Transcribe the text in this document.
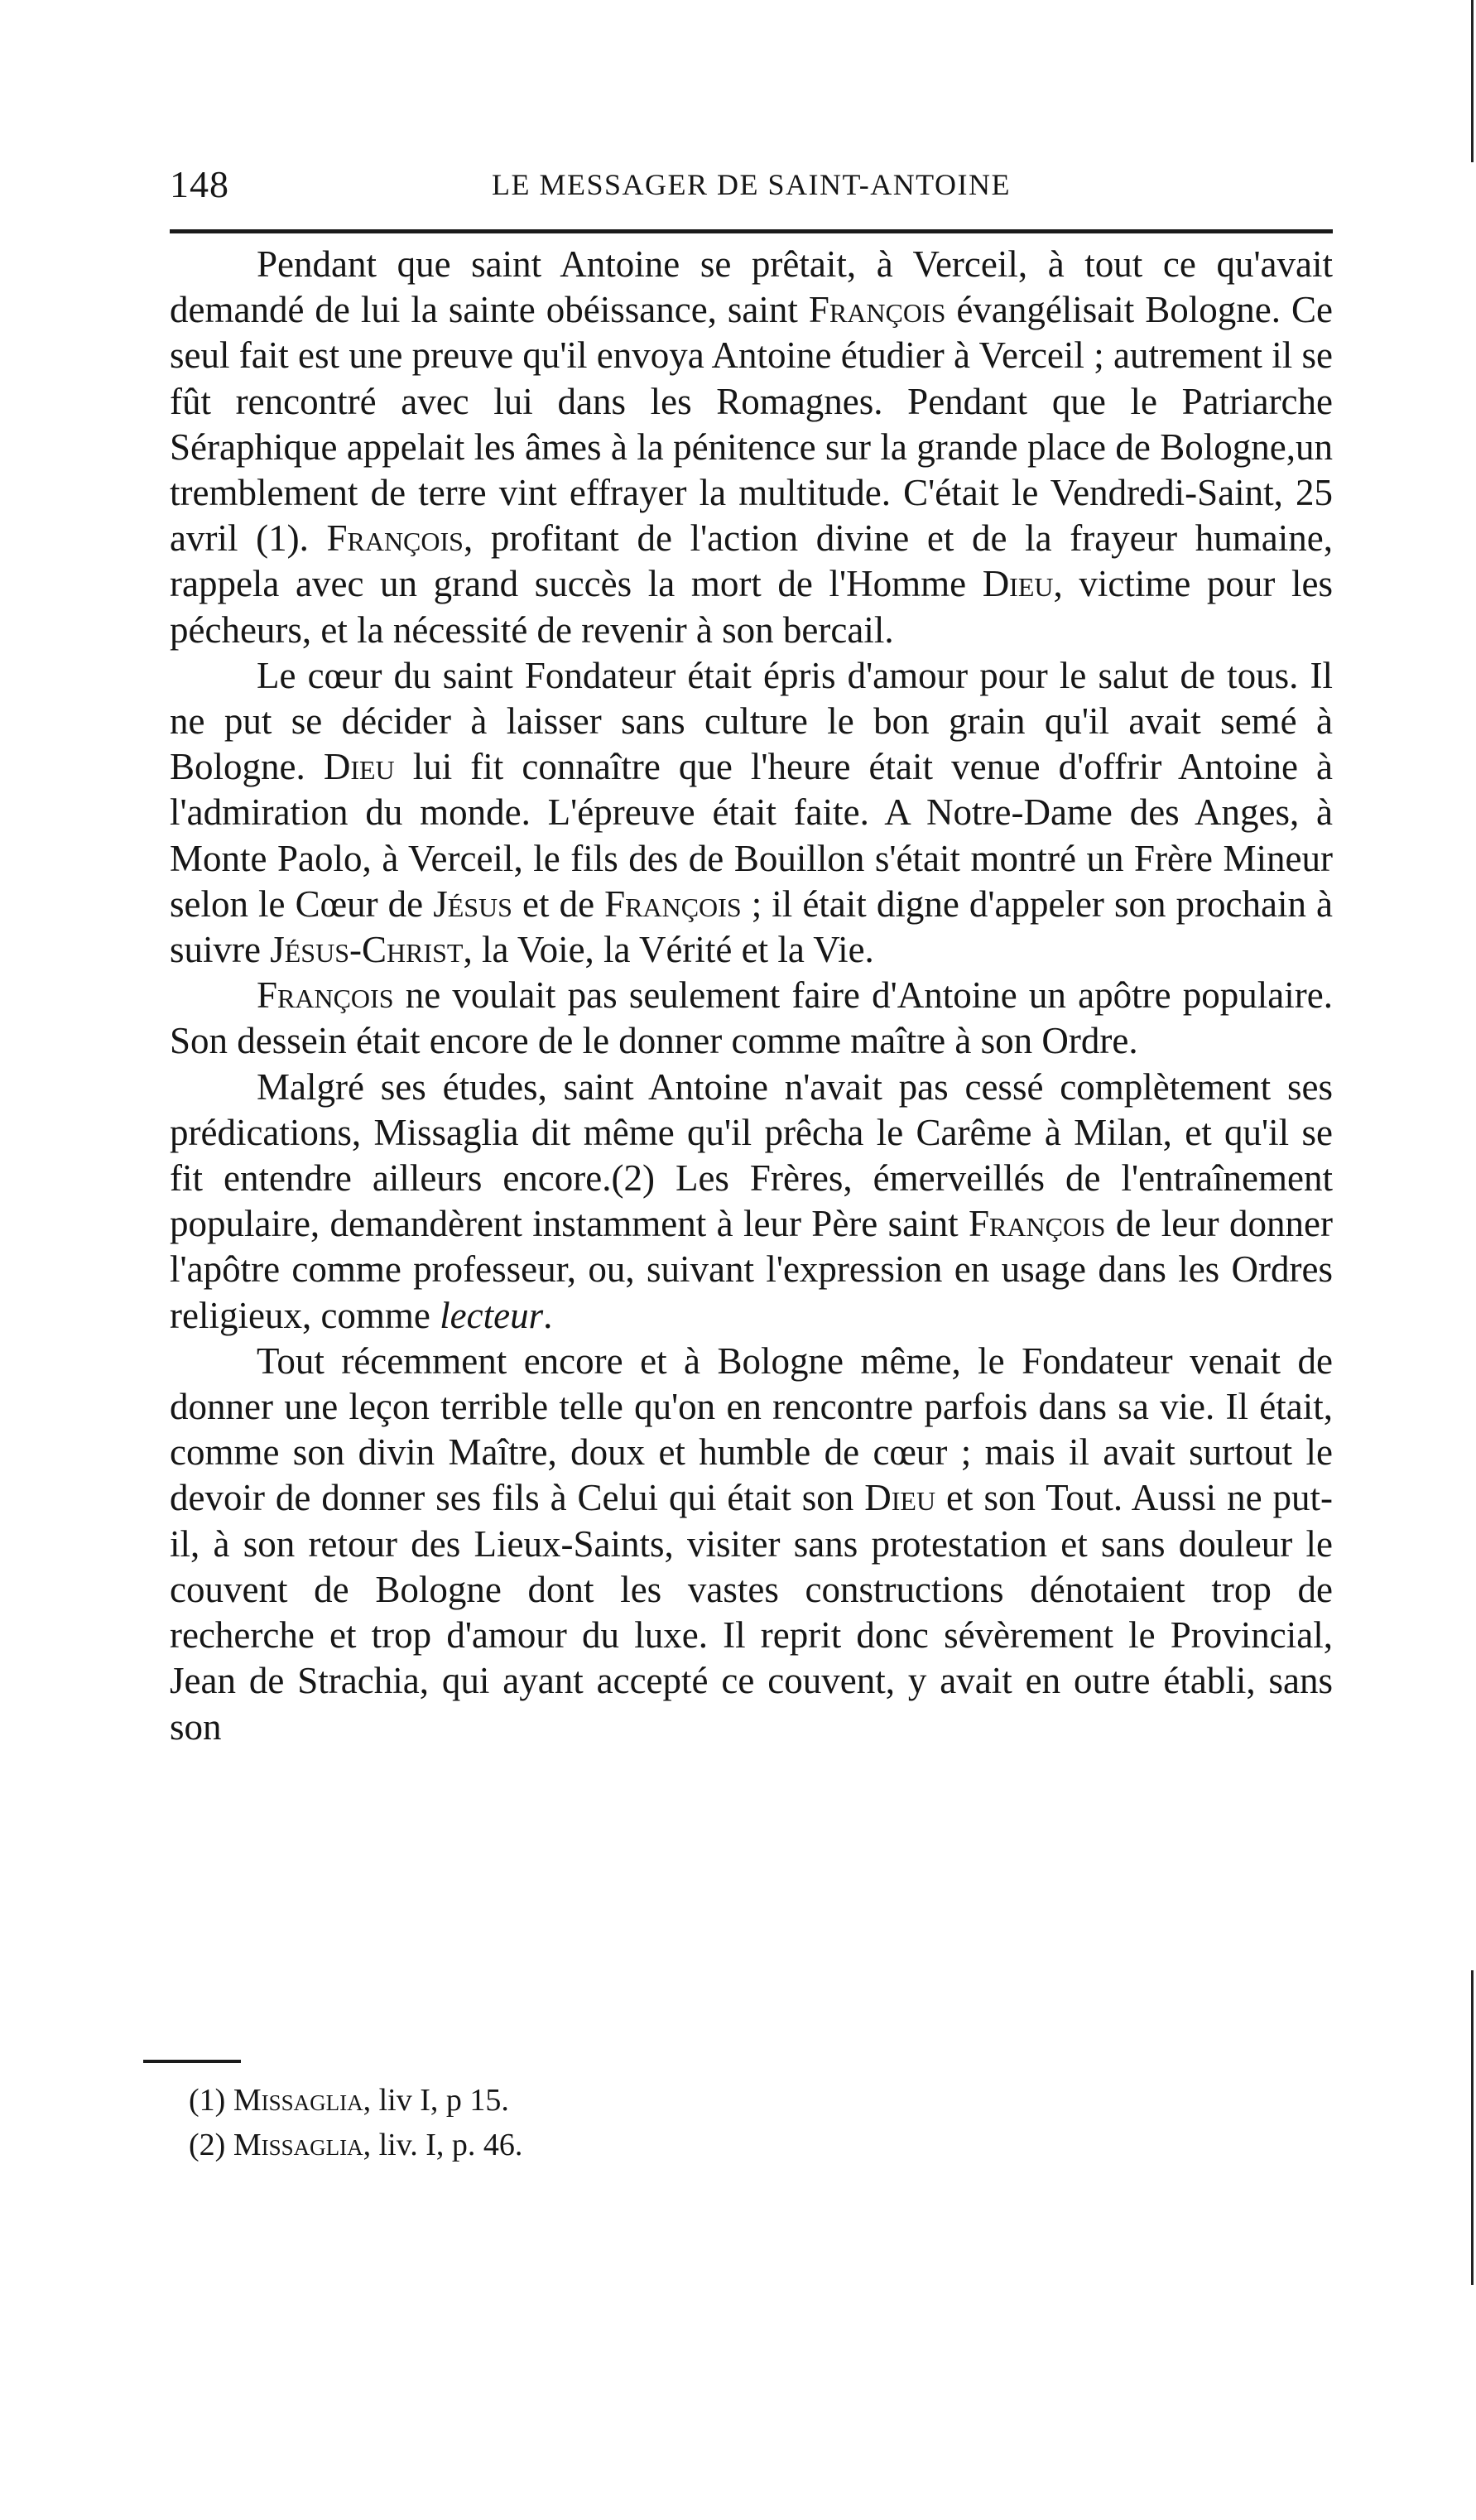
148	LE MESSAGER DE SAINT-ANTOINE

Pendant que saint Antoine se prêtait, à Verceil, à tout ce qu'avait demandé de lui la sainte obéissance, saint François évangélisait Bologne. Ce seul fait est une preuve qu'il envoya Antoine étudier à Verceil ; autrement il se fût rencontré avec lui dans les Romagnes. Pendant que le Patriarche Séraphique appelait les âmes à la pénitence sur la grande place de Bologne,un tremblement de terre vint effrayer la multitude. C'était le Vendredi-Saint, 25 avril (1). François, profitant de l'action divine et de la frayeur humaine, rappela avec un grand succès la mort de l'Homme Dieu, victime pour les pécheurs, et la nécessité de revenir à son bercail.

Le cœur du saint Fondateur était épris d'amour pour le salut de tous. Il ne put se décider à laisser sans culture le bon grain qu'il avait semé à Bologne. Dieu lui fit connaître que l'heure était venue d'offrir Antoine à l'admiration du monde. L'épreuve était faite. A Notre-Dame des Anges, à Monte Paolo, à Verceil, le fils des de Bouillon s'était montré un Frère Mineur selon le Cœur de Jésus et de François ; il était digne d'appeler son prochain à suivre Jésus-Christ, la Voie, la Vérité et la Vie.

François ne voulait pas seulement faire d'Antoine un apôtre populaire. Son dessein était encore de le donner comme maître à son Ordre.

Malgré ses études, saint Antoine n'avait pas cessé complètement ses prédications, Missaglia dit même qu'il prêcha le Carême à Milan, et qu'il se fit entendre ailleurs encore.(2) Les Frères, émerveillés de l'entraînement populaire, demandèrent instamment à leur Père saint François de leur donner l'apôtre comme professeur, ou, suivant l'expression en usage dans les Ordres religieux, comme lecteur.

Tout récemment encore et à Bologne même, le Fondateur venait de donner une leçon terrible telle qu'on en rencontre parfois dans sa vie. Il était, comme son divin Maître, doux et humble de cœur ; mais il avait surtout le devoir de donner ses fils à Celui qui était son Dieu et son Tout. Aussi ne put-il, à son retour des Lieux-Saints, visiter sans protestation et sans douleur le couvent de Bologne dont les vastes constructions dénotaient trop de recherche et trop d'amour du luxe. Il reprit donc sévèrement le Provincial, Jean de Strachia, qui ayant accepté ce couvent, y avait en outre établi, sans son

(1) Missaglia, liv I, p 15.
(2) Missaglia, liv. I, p. 46.
